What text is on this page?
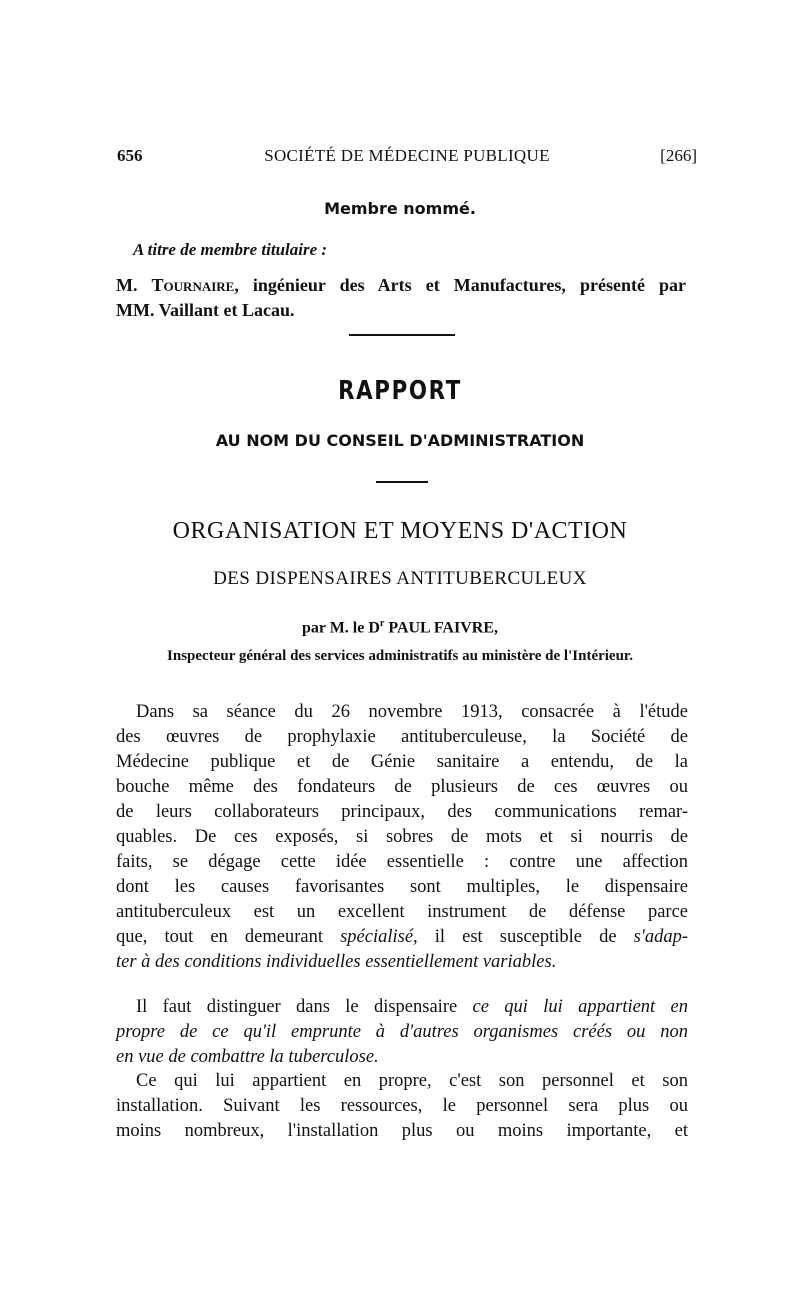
656	SOCIÉTÉ DE MÉDECINE PUBLIQUE	[266]
Membre nommé.
A titre de membre titulaire :
M. Tournaire, ingénieur des Arts et Manufactures, présenté par
MM. Vaillant et Lacau.
RAPPORT
AU NOM DU CONSEIL D'ADMINISTRATION
ORGANISATION ET MOYENS D'ACTION
DES DISPENSAIRES ANTITUBERCULEUX
par M. le $D^r$ PAUL FAIVRE,
Inspecteur général des services administratifs au ministère de l'Intérieur.
Dans sa séance du 26 novembre 1913, consacrée à l'étude
des œuvres de prophylaxie antituberculeuse, la Société de
Médecine publique et de Génie sanitaire a entendu, de la
bouche même des fondateurs de plusieurs de ces œuvres ou
de leurs collaborateurs principaux, des communications remar-
quables. De ces exposés, si sobres de mots et si nourris de
faits, se dégage cette idée essentielle : contre une affection
dont les causes favorisantes sont multiples, le dispensaire
antituberculeux est un excellent instrument de défense parce
que, tout en demeurant spécialisé, il est susceptible de s'adap-
ter à des conditions individuelles essentiellement variables.
Il faut distinguer dans le dispensaire ce qui lui appartient en
propre de ce qu'il emprunte à d'autres organismes créés ou non
en vue de combattre la tuberculose.
Ce qui lui appartient en propre, c'est son personnel et son
installation. Suivant les ressources, le personnel sera plus ou
moins nombreux, l'installation plus ou moins importante, et
